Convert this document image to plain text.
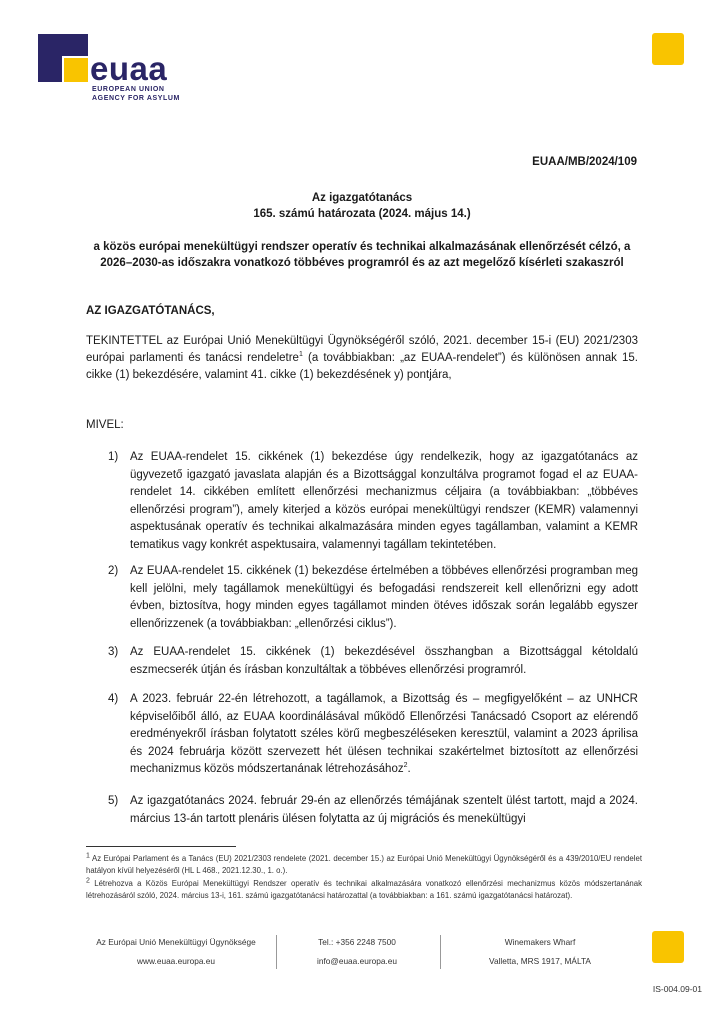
euaa
EUROPEAN UNION
AGENCY FOR ASYLUM
EUAA/MB/2024/109
Az igazgatótanács
165. számú határozata (2024. május 14.)
a közös európai menekültügyi rendszer operatív és technikai alkalmazásának ellenőrzését célzó, a
2026–2030-as időszakra vonatkozó többéves programról és az azt megelőző kísérleti szakaszról
AZ IGAZGATÓTANÁCS,
TEKINTETTEL az Európai Unió Menekültügyi Ügynökségéről szóló, 2021. december 15-i (EU) 2021/2303 európai parlamenti és tanácsi rendeletre$^1$ (a továbbiakban: „az EUAA-rendelet”) és különösen annak 15. cikke (1) bekezdésére, valamint 41. cikke (1) bekezdésének y) pontjára,
MIVEL:
1) Az EUAA-rendelet 15. cikkének (1) bekezdése úgy rendelkezik, hogy az igazgatótanács az ügyvezető igazgató javaslata alapján és a Bizottsággal konzultálva programot fogad el az EUAA-rendelet 14. cikkében említett ellenőrzési mechanizmus céljaira (a továbbiakban: „többéves ellenőrzési program”), amely kiterjed a közös európai menekültügyi rendszer (KEMR) valamennyi aspektusának operatív és technikai alkalmazására minden egyes tagállamban, valamint a KEMR tematikus vagy konkrét aspektusaira, valamennyi tagállam tekintetében.
2) Az EUAA-rendelet 15. cikkének (1) bekezdése értelmében a többéves ellenőrzési programban meg kell jelölni, mely tagállamok menekültügyi és befogadási rendszereit kell ellenőrizni egy adott évben, biztosítva, hogy minden egyes tagállamot minden ötéves időszak során legalább egyszer ellenőrizzenek (a továbbiakban: „ellenőrzési ciklus”).
3) Az EUAA-rendelet 15. cikkének (1) bekezdésével összhangban a Bizottsággal kétoldalú eszmecserék útján és írásban konzultáltak a többéves ellenőrzési programról.
4) A 2023. február 22-én létrehozott, a tagállamok, a Bizottság és – megfigyelőként – az UNHCR képviselőiből álló, az EUAA koordinálásával működő Ellenőrzési Tanácsadó Csoport az elérendő eredményekről írásban folytatott széles körű megbeszéléseken keresztül, valamint a 2023 áprilisa és 2024 februárja között szervezett hét ülésen technikai szakértelmet biztosított az ellenőrzési mechanizmus közös módszertanának létrehozásához$^2$.
5) Az igazgatótanács 2024. február 29-én az ellenőrzés témájának szentelt ülést tartott, majd a 2024. március 13-án tartott plenáris ülésen folytatta az új migrációs és menekültügyi
$^1$ Az Európai Parlament és a Tanács (EU) 2021/2303 rendelete (2021. december 15.) az Európai Unió Menekültügyi Ügynökségéről és a 439/2010/EU rendelet hatályon kívül helyezéséről (HL L 468., 2021.12.30., 1. o.).
$^2$ Létrehozva a Közös Európai Menekültügyi Rendszer operatív és technikai alkalmazására vonatkozó ellenőrzési mechanizmus közös módszertanának létrehozásáról szóló, 2024. március 13-i, 161. számú igazgatótanácsi határozattal (a továbbiakban: a 161. számú igazgatótanácsi határozat).
Az Európai Unió Menekültügyi Ügynöksége
www.euaa.europa.eu
Tel.: +356 2248 7500
info@euaa.europa.eu
Winemakers Wharf
Valletta, MRS 1917, MÁLTA
IS-004.09-01
